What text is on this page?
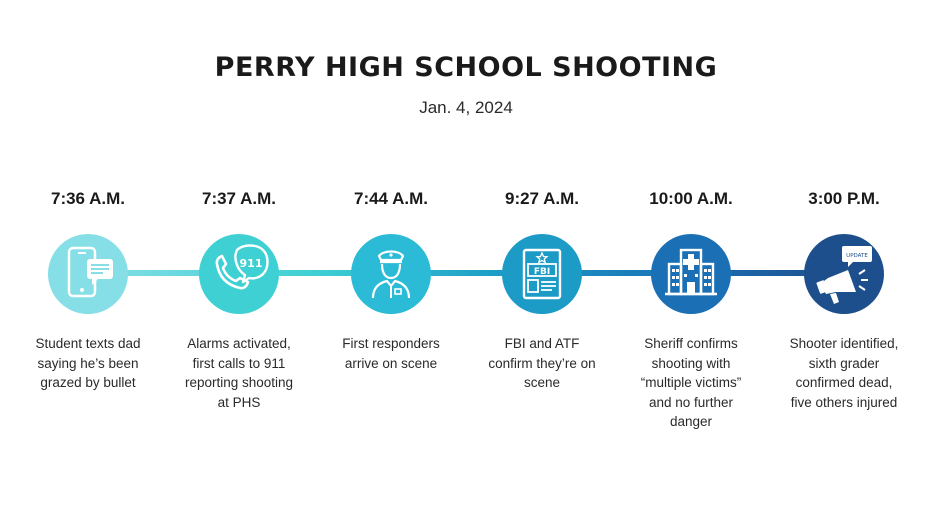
PERRY HIGH SCHOOL SHOOTING
Jan. 4, 2024
7:36 A.M.
Student texts dad
saying he’s been
grazed by bullet
7:37 A.M.
911
Alarms activated,
first calls to 911
reporting shooting
at PHS
7:44 A.M.
First responders
arrive on scene
9:27 A.M.
FBI
FBI and ATF
confirm they’re on
scene
10:00 A.M.
Sheriff confirms
shooting with
“multiple victims”
and no further
danger
3:00 P.M.
UPDATE
Shooter identified,
sixth grader
confirmed dead,
five others injured
